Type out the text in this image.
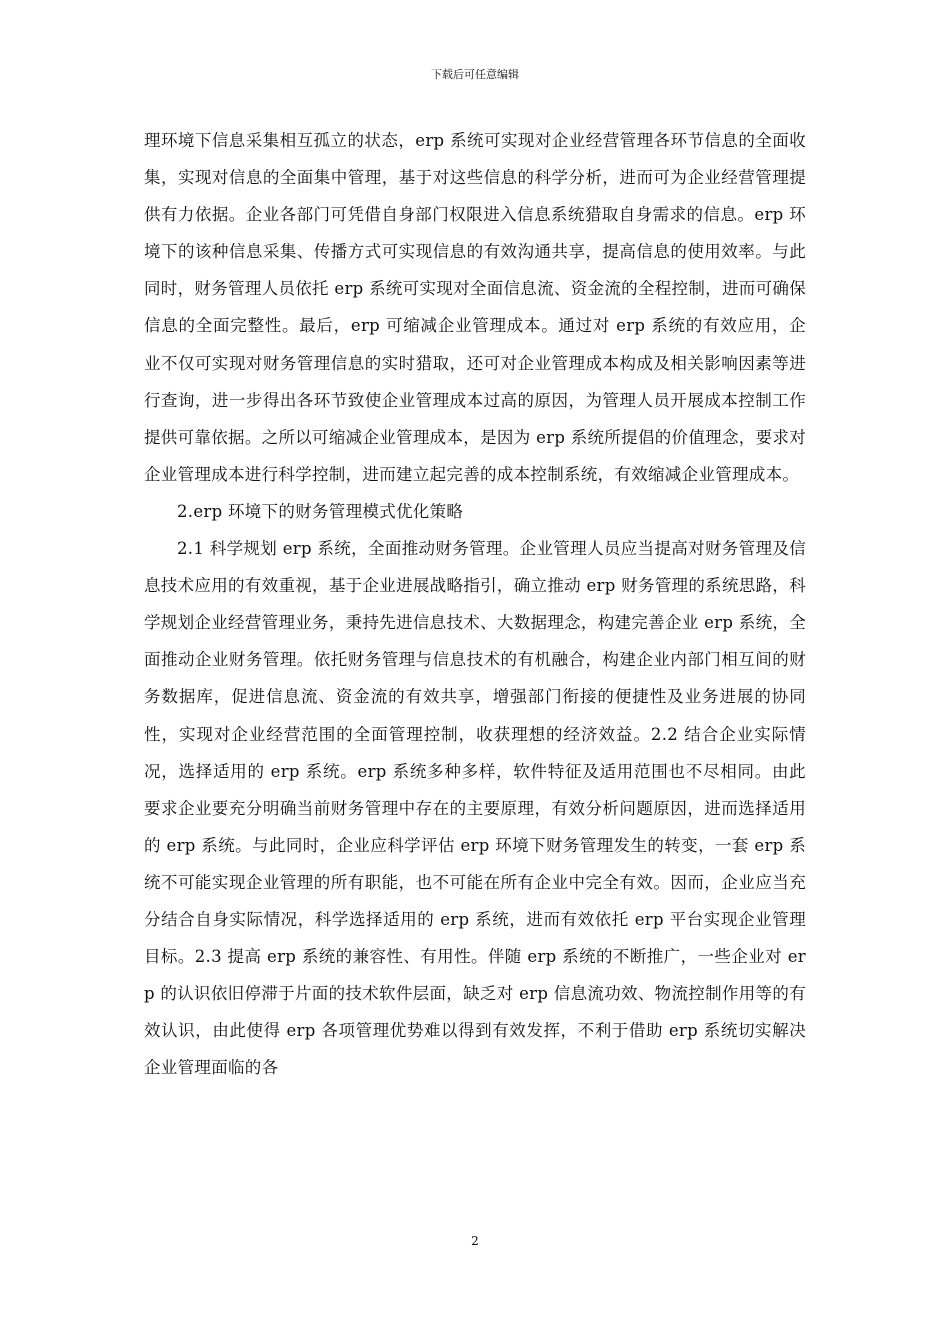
下载后可任意编辑

理环境下信息采集相互孤立的状态，erp 系统可实现对企业经营管理各环节信息的全面收集，实现对信息的全面集中管理，基于对这些信息的科学分析，进而可为企业经营管理提供有力依据。企业各部门可凭借自身部门权限进入信息系统猎取自身需求的信息。erp 环境下的该种信息采集、传播方式可实现信息的有效沟通共享，提高信息的使用效率。与此同时，财务管理人员依托 erp 系统可实现对全面信息流、资金流的全程控制，进而可确保信息的全面完整性。最后，erp 可缩减企业管理成本。通过对 erp 系统的有效应用，企业不仅可实现对财务管理信息的实时猎取，还可对企业管理成本构成及相关影响因素等进行查询，进一步得出各环节致使企业管理成本过高的原因，为管理人员开展成本控制工作提供可靠依据。之所以可缩减企业管理成本，是因为 erp 系统所提倡的价值理念，要求对企业管理成本进行科学控制，进而建立起完善的成本控制系统，有效缩减企业管理成本。

2.erp 环境下的财务管理模式优化策略

2.1 科学规划 erp 系统，全面推动财务管理。企业管理人员应当提高对财务管理及信息技术应用的有效重视，基于企业进展战略指引，确立推动 erp 财务管理的系统思路，科学规划企业经营管理业务，秉持先进信息技术、大数据理念，构建完善企业 erp 系统，全面推动企业财务管理。依托财务管理与信息技术的有机融合，构建企业内部门相互间的财务数据库，促进信息流、资金流的有效共享，增强部门衔接的便捷性及业务进展的协同性，实现对企业经营范围的全面管理控制，收获理想的经济效益。2.2 结合企业实际情况，选择适用的 erp 系统。erp 系统多种多样，软件特征及适用范围也不尽相同。由此要求企业要充分明确当前财务管理中存在的主要原理，有效分析问题原因，进而选择适用的 erp 系统。与此同时，企业应科学评估 erp 环境下财务管理发生的转变，一套 erp 系统不可能实现企业管理的所有职能，也不可能在所有企业中完全有效。因而，企业应当充分结合自身实际情况，科学选择适用的 erp 系统，进而有效依托 erp 平台实现企业管理目标。2.3 提高 erp 系统的兼容性、有用性。伴随 erp 系统的不断推广，一些企业对 erp 的认识依旧停滞于片面的技术软件层面，缺乏对 erp 信息流功效、物流控制作用等的有效认识，由此使得 erp 各项管理优势难以得到有效发挥，不利于借助 erp 系统切实解决企业管理面临的各

2
